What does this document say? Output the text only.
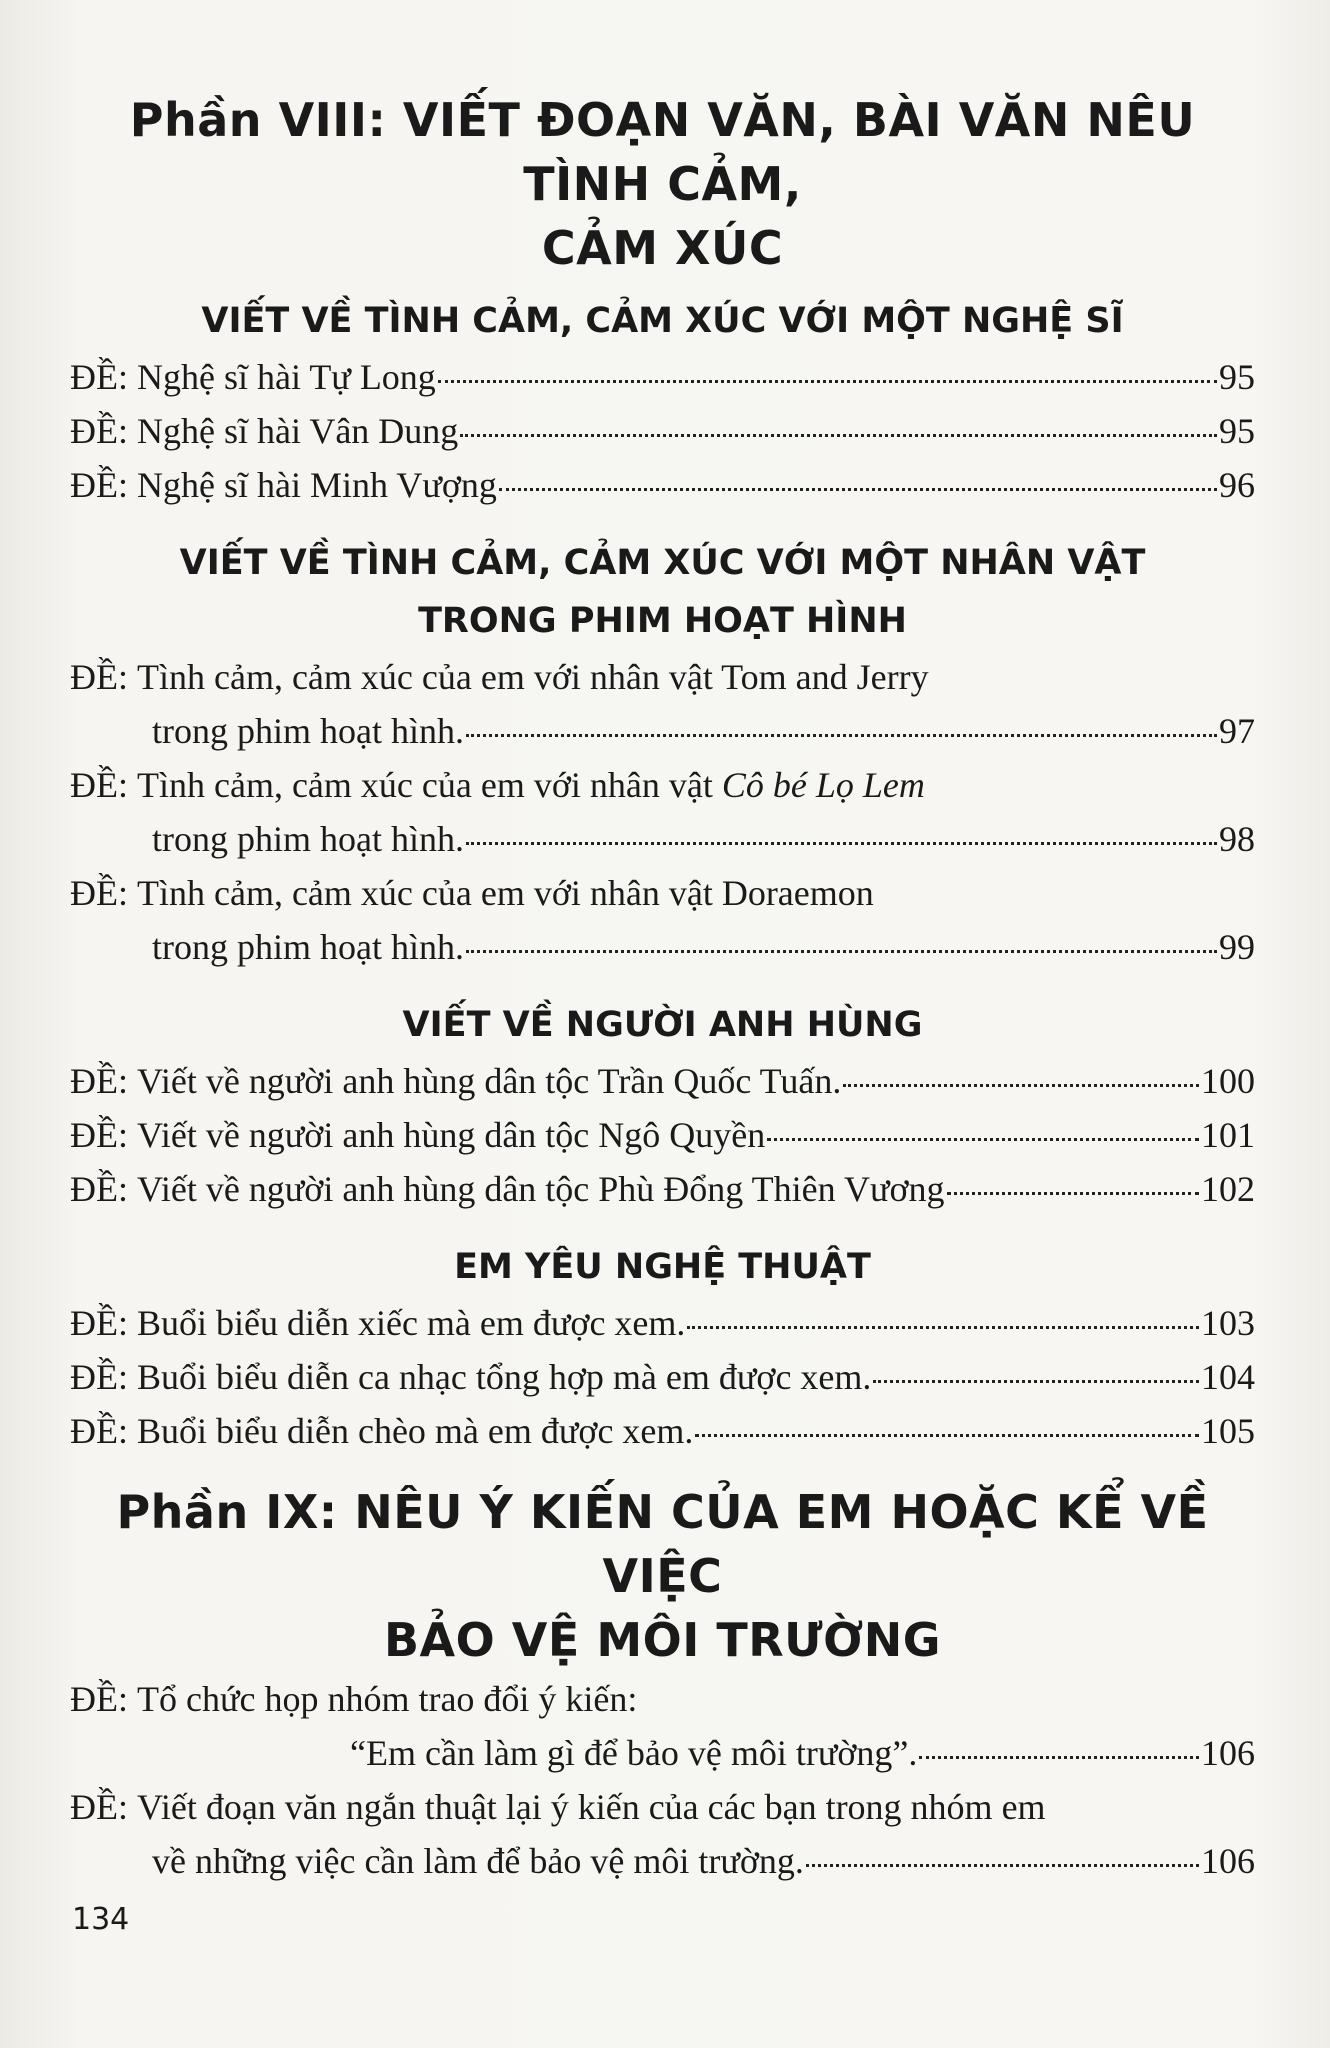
Phần VIII: VIẾT ĐOẠN VĂN, BÀI VĂN NÊU TÌNH CẢM,
CẢM XÚC
VIẾT VỀ TÌNH CẢM, CẢM XÚC VỚI MỘT NGHỆ SĨ
ĐỀ:
Nghệ sĩ hài Tự Long	95
ĐỀ:
Nghệ sĩ hài Vân Dung	95
ĐỀ:
Nghệ sĩ hài Minh Vượng	96
VIẾT VỀ TÌNH CẢM, CẢM XÚC VỚI MỘT NHÂN VẬT
TRONG PHIM HOẠT HÌNH
ĐỀ:
Tình cảm, cảm xúc của em với nhân vật Tom and Jerry
trong phim hoạt hình.	97
ĐỀ:
Tình cảm, cảm xúc của em với nhân vật
Cô bé Lọ Lem
trong phim hoạt hình.	98
ĐỀ:
Tình cảm, cảm xúc của em với nhân vật Doraemon
trong phim hoạt hình.	99
VIẾT VỀ NGƯỜI ANH HÙNG
ĐỀ:
Viết về người anh hùng dân tộc Trần Quốc Tuấn.	100
ĐỀ:
Viết về người anh hùng dân tộc Ngô Quyền	101
ĐỀ:
Viết về người anh hùng dân tộc Phù Đổng Thiên Vương	102
EM YÊU NGHỆ THUẬT
ĐỀ:
Buổi biểu diễn xiếc mà em được xem.	103
ĐỀ:
Buổi biểu diễn ca nhạc tổng hợp mà em được xem.	104
ĐỀ:
Buổi biểu diễn chèo mà em được xem.	105
Phần IX: NÊU Ý KIẾN CỦA EM HOẶC KỂ VỀ VIỆC
BẢO VỆ MÔI TRƯỜNG
ĐỀ:
Tổ chức họp nhóm trao đổi ý kiến:
“Em cần làm gì để bảo vệ môi trường”.	106
ĐỀ:
Viết đoạn văn ngắn thuật lại ý kiến của các bạn trong nhóm em
về những việc cần làm để bảo vệ môi trường.	106
134
